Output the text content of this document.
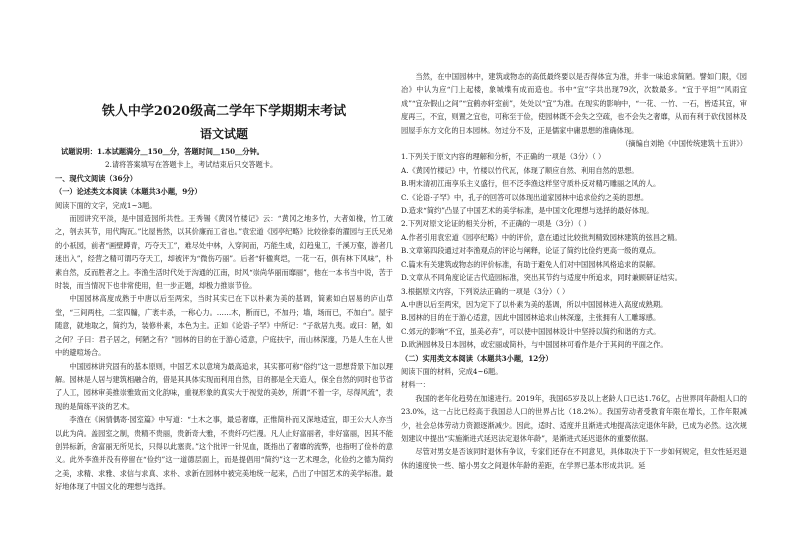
铁人中学2020级高二学年下学期期末考试
语文试题

试题说明：1.本试题满分＿150＿分，答题时间＿150＿分钟。

2.请将答案填写在答题卡上，考试结束后只交答题卡。

一、现代文阅读（36分）

（一）论述类文本阅读（本题共3小题，9分）

阅读下面的文字，完成1~3题。

而园讲究平淡，是中国造园所共性。王秀锡《黄冈竹楼记》云：“黄冈之地多竹，大者如椽，竹工破之，刳去其节，用代陶瓦。”比屋皆然，以其价廉而工省也。”袁宏道《园亭纪略》比较徐泰的濯园与王氏兄弟的小祇园，前者“画壁蹲青，巧夺天工”，难尽处中林，入穿间而，巧能生成，幻趋鬼工，千溪万壑，游者几迷出入”，经营之精可谓巧夺天工，却被评为“微伤巧丽”。后者“轩楹爽垲，一花一石，俱有林下风味”，朴素自然，反而胜者之上。李渔生活时代处于沟通的江南，时风“崇尚华丽而靡丽”，他在一本书当中说，苦于时装，而当情况下也非常使用，但一步正题，却极力推崇节俭。

中国园林高度成熟于中唐以后至两宋，当时其实已在下以朴素为美的基调，简素如白居易的庐山草堂，“三间两柱，二室四牖，广袤丰杀，一称心力。……木，断而已，不加丹；墙，场而已，不加白”。屋宇随意，就地取之，简约为，装修朴素，本色为主。正如《论语·子罕》中所记：“子欲居九夷。或曰：陋，如之何？子曰：君子居之，何陋之有？”园林的目的在于游心适意，户庭扶宇，而山林深邃，乃是人生在人世中的避喧场合。

中国园林讲究固有的基本原则，中国艺术以意境为最高追求，其实都可称“俗约”这一思想背景下加以理解。园林是人居与建筑相融合的，借是其具体实现而利用自然，目的都是全天造人，保全自然的同时也节省了人工，园林审美推崇雅致而文化韵味，重视形象的真实大于视觉的美妙，所谓“不着一字，尽得风流”，表现的是简练平淡的艺术。

李渔在《闲情偶寄·园室篇》中写道：“土木之事，最忌奢靡，正惟简朴而又深地适宜，即王公大人亦当以此为尚。盖园室之制，贵精不贵丽，贵新奇大雅，不贵纤巧烂漫。凡人止好富丽者，非好富丽，因其不能创异标新，舍富丽无所见长，只得以此塞责。”这个批评一针见血，既指出了奢靡的流弊，也指明了俭朴的意义。此外李渔并没有停留在“俭约”这一道德层面上，而是提倡用“简约”这一艺术理念，化俭约之德为简约之美，求精、求雅、求信与求真、求朴、求新在园林中被完美地统一起来，凸出了中国艺术的美学标准。最好地体现了中国文化的理想与选择。

当然，在中国园林中，建筑或物态的高低最终要以是否得体宜为准，并非一味追求简陋。譬如门限，《园冶》中认为应“门上起楼，象城堞有成而造也。书中“宜”字共出现79次，次数最多。“宜于平坦”“风雨宜成”“宜杂假山之间”“宜鹤亦轩室前”，处处以“宜”为准。在现实的影响中，“一花、一竹、一石，皆适其宜，审度再三，不宜，则置之宜也，可称至于俭，使园林既不会失之空疏，也不会失之奢靡，从而有利于砍伐园林及园屋手东方文化的日本园林。勿过分不及，正是儒家中庸思想的准确体现。

（摘编自刘艳《中国传统建筑十五讲》）

1.下列关于原文内容的理解和分析，不正确的一项是（3分）（ ）

A.《黄冈竹楼记》中，竹楼以竹代瓦，体现了顺应自然、利用自然的思想。

B.明末清初江南享乐主义盛行，但不泛李渔这样坚守质朴反对精巧雕丽之风的人。

C.《论语·子罕》中，孔子的回答可以体现出道家园林中追求俭约之美的思想。

D.造求“简约”凸显了中国艺术的美学标准，是中国文化理想与选择的最好体现。

2.下列对原文论证的相关分析，不正确的一项是（3分）（ ）

A.作者引用袁宏道《园亭纪略》中的评价，意在通过比较批判精致园林建筑的弦昌之精。

B.文章第四段通过对李渔观点的评论与阐释，论证了简约比俭约更高一级的观点。

C.篇末有关建筑或物态的评价标准，有助于避免人们对中国园林风格追求的误解。

D.文章从不同角度论证古代造园标准，突出其节约与适度中所追求，同时兼顾研证结实。

3.根据原文内容，下列说法正确的一项是（3分）（ ）

A.中唐以后至两宋，因为定下了以朴素为美的基调，所以中国园林进入高度成熟期。

B.园林的目的在于游心适意，因此中国园林追求山林深邃，主张拥有人工雕琢感。

C.郊元的影响“不宜，虽美必弃”，可以使中国园林设计中坚持以简约和谐的方式。

D.欧洲园林及日本园林，或宏丽或简朴，与中国园林可看作是介于其间的平面之作。

（二）实用类文本阅读（本题共3小题，12分）

阅读下面的材料，完成4~6题。

材料一：

我国的老年化趋势在加速进行。2019年，我国65岁及以上老龄人口已达1.76亿，占世界同年龄组人口的23.0%，这一占比已经高于我国总人口的世界占比（18.2%）。我国劳动者受教育年限在增长，工作年限减少，社会总体劳动力资源逐渐减少。因此，适时、适度并且渐进式地提高法定退休年龄，已成为必然。这次规划建议中提出“实施渐进式延迟法定退休年龄”，是渐进式延迟退休的重要依据。

尽管对男女是否该同时退休有争议，专家们还存在不同意见，具体取决于下一步如何规定，但女性延迟退休的速度快一些、缩小男女之间退休年龄的差距，在学界已基本形成共识。延
